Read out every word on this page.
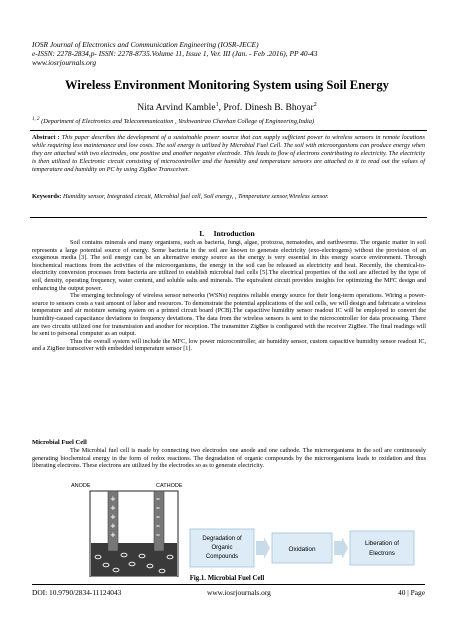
IOSR Journal of Electronics and Communication Engineering (IOSR-JECE)
e-ISSN: 2278-2834,p- ISSN: 2278-8735.Volume 11, Issue 1, Ver. III (Jan. - Feb .2016), PP 40-43
www.iosrjournals.org
Wireless Environment Monitoring System using Soil Energy
Nita Arvind Kamble$^1$, Prof. Dinesh B. Bhoyar$^2$
$^{1, 2}$ (Department of Electronics and Telecommunication , Yeshwantrao Chavhan College of Engineering,India)
Abstract : This paper describes the development of a sustainable power source that can supply sufficient power to wireless sensors in remote locations while requiring less maintenance and low costs. The soil energy is utilized by Microbial Fuel Cell. The soil with microorganisms can produce energy when they are attached with two electrodes, one positive and another negative electrode. This leads to flow of electrons contributing to electricity. The electricity is then utilized to Electronic circuit consisting of microcontroller and the humidity and temperature sensors are attached to it to read out the values of temperature and humidity on PC by using ZigBee Transceiver.
Keywords: Humidity sensor, Integrated circuit, Microbial fuel cell, Soil energy, , Temperature sensor,Wireless sensor.
I. Introduction

Soil contains minerals and many organisms, such as bacteria, fungi, algae, protozoa, nematodes, and earthworms. The organic matter in soil represents a large potential source of energy. Some bacteria in the soil are known to generate electricity (exo-electrogens) without the provision of an exogenous media [3]. The soil energy can be an alternative energy source as the energy is very essential in this energy scarce environment. Through biochemical reactions from the activities of the microorganisms, the energy in the soil can be released as electricity and heat. Recently, the chemical-to-electricity conversion processes from bacteria are utilized to establish microbial fuel cells [5].The electrical properties of the soil are affected by the type of soil, density, operating frequency, water content, and soluble salts and minerals. The equivalent circuit provides insights for optimizing the MFC design and enhancing the output power.

The emerging technology of wireless sensor networks (WSNs) requires reliable energy source for their long-term operations. Wiring a power-source to sensors costs a vast amount of labor and resources. To demonstrate the potential applications of the soil cells, we will design and fabricate a wireless temperature and air moisture sensing system on a printed circuit board (PCB).The capacitive humidity sensor readout IC will be employed to convert the humidity-caused capacitance deviations to frequency deviations. The data from the wireless sensors is sent to the microcontroller for data processing. There are two circuits utilized one for transmission and another for reception. The transmitter ZigBee is configured with the receiver ZigBee. The final readings will be sent to personal computer as an output.

Thus the overall system will include the MFC, low power microcontroller, air humidity sensor, custom capacitive humidity sensor readout IC, and a ZigBee transceiver with embedded temperature sensor [1].

Microbial Fuel Cell

The Microbial fuel cell is made by connecting two electrodes one anode and one cathode. The microorganisms in the soil are continuously generating biochemical energy in the form of redox reactions. The degradation of organic compounds by the microorganisms leads to oxidation and thus liberating electrons. These electrons are utilized by the electrodes so as to generate electricity.

ANODE	CATHODE
+
+
+
+
+
–
–
–
–
–	Degradation of
Organic
Compounds
Oxidation
Liberation of
Electrons
Fig.1. Microbial Fuel Cell
DOI: 10.9790/2834-11124043	www.iosrjournals.org	40 | Page
